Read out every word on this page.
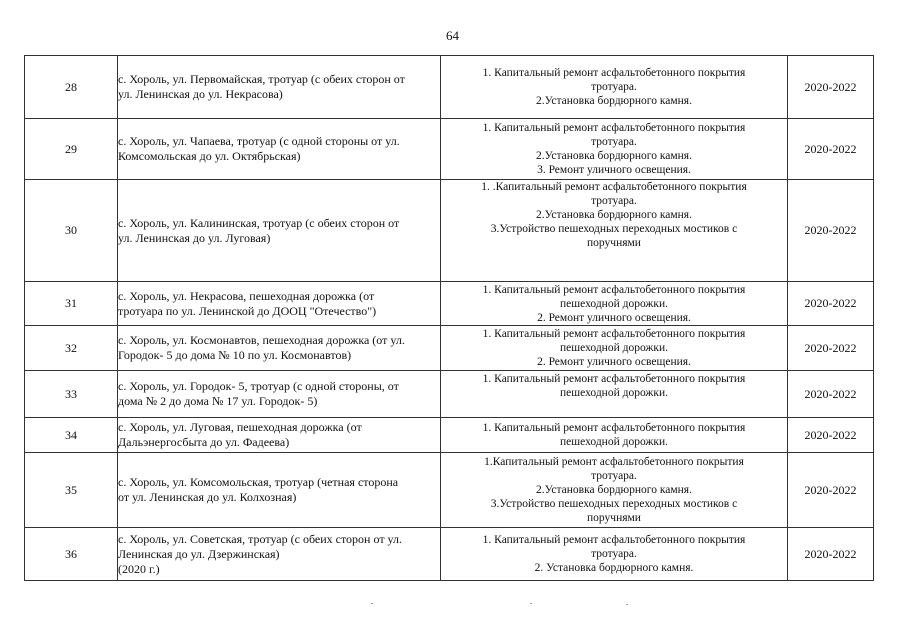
64
28	с. Хороль, ул. Первомайская, тротуар (с обеих сторон от
ул. Ленинская до ул. Некрасова)	1. Капитальный ремонт асфальтобетонного покрытия
тротуара.
2.Установка бордюрного камня.	2020-2022
29	с. Хороль, ул. Чапаева, тротуар (с одной стороны от ул.
Комсомольская до ул. Октябрьская)	1. Капитальный ремонт асфальтобетонного покрытия
тротуара.
2.Установка бордюрного камня.
3. Ремонт уличного освещения.	2020-2022
30	с. Хороль, ул. Калининская, тротуар (с обеих сторон от
ул. Ленинская до ул. Луговая)	1. .Капитальный ремонт асфальтобетонного покрытия
тротуара.
2.Установка бордюрного камня.
3.Устройство пешеходных переходных мостиков с
поручнями	2020-2022
31	с. Хороль, ул. Некрасова, пешеходная дорожка (от
тротуара по ул. Ленинской до ДООЦ "Отечество")	1. Капитальный ремонт асфальтобетонного покрытия
пешеходной дорожки.
2. Ремонт уличного освещения.	2020-2022
32	с. Хороль, ул. Космонавтов, пешеходная дорожка (от ул.
Городок- 5 до дома № 10 по ул. Космонавтов)	1. Капитальный ремонт асфальтобетонного покрытия
пешеходной дорожки.
2. Ремонт уличного освещения.	2020-2022
33	с. Хороль, ул. Городок- 5, тротуар (с одной стороны, от
дома № 2 до дома № 17 ул. Городок- 5)	1. Капитальный ремонт асфальтобетонного покрытия
пешеходной дорожки.	2020-2022
34	с. Хороль, ул. Луговая, пешеходная дорожка (от
Дальэнергосбыта до ул. Фадеева)	1. Капитальный ремонт асфальтобетонного покрытия
пешеходной дорожки.	2020-2022
35	с. Хороль, ул. Комсомольская, тротуар (четная сторона
от ул. Ленинская до ул. Колхозная)	1.Капитальный ремонт асфальтобетонного покрытия
тротуара.
2.Установка бордюрного камня.
3.Устройство пешеходных переходных мостиков с
поручнями	2020-2022
36	с. Хороль, ул. Советская, тротуар (с обеих сторон от ул.
Ленинская до ул. Дзержинская)
(2020 г.)	1. Капитальный ремонт асфальтобетонного покрытия
тротуара.
2. Установка бордюрного камня.	2020-2022
